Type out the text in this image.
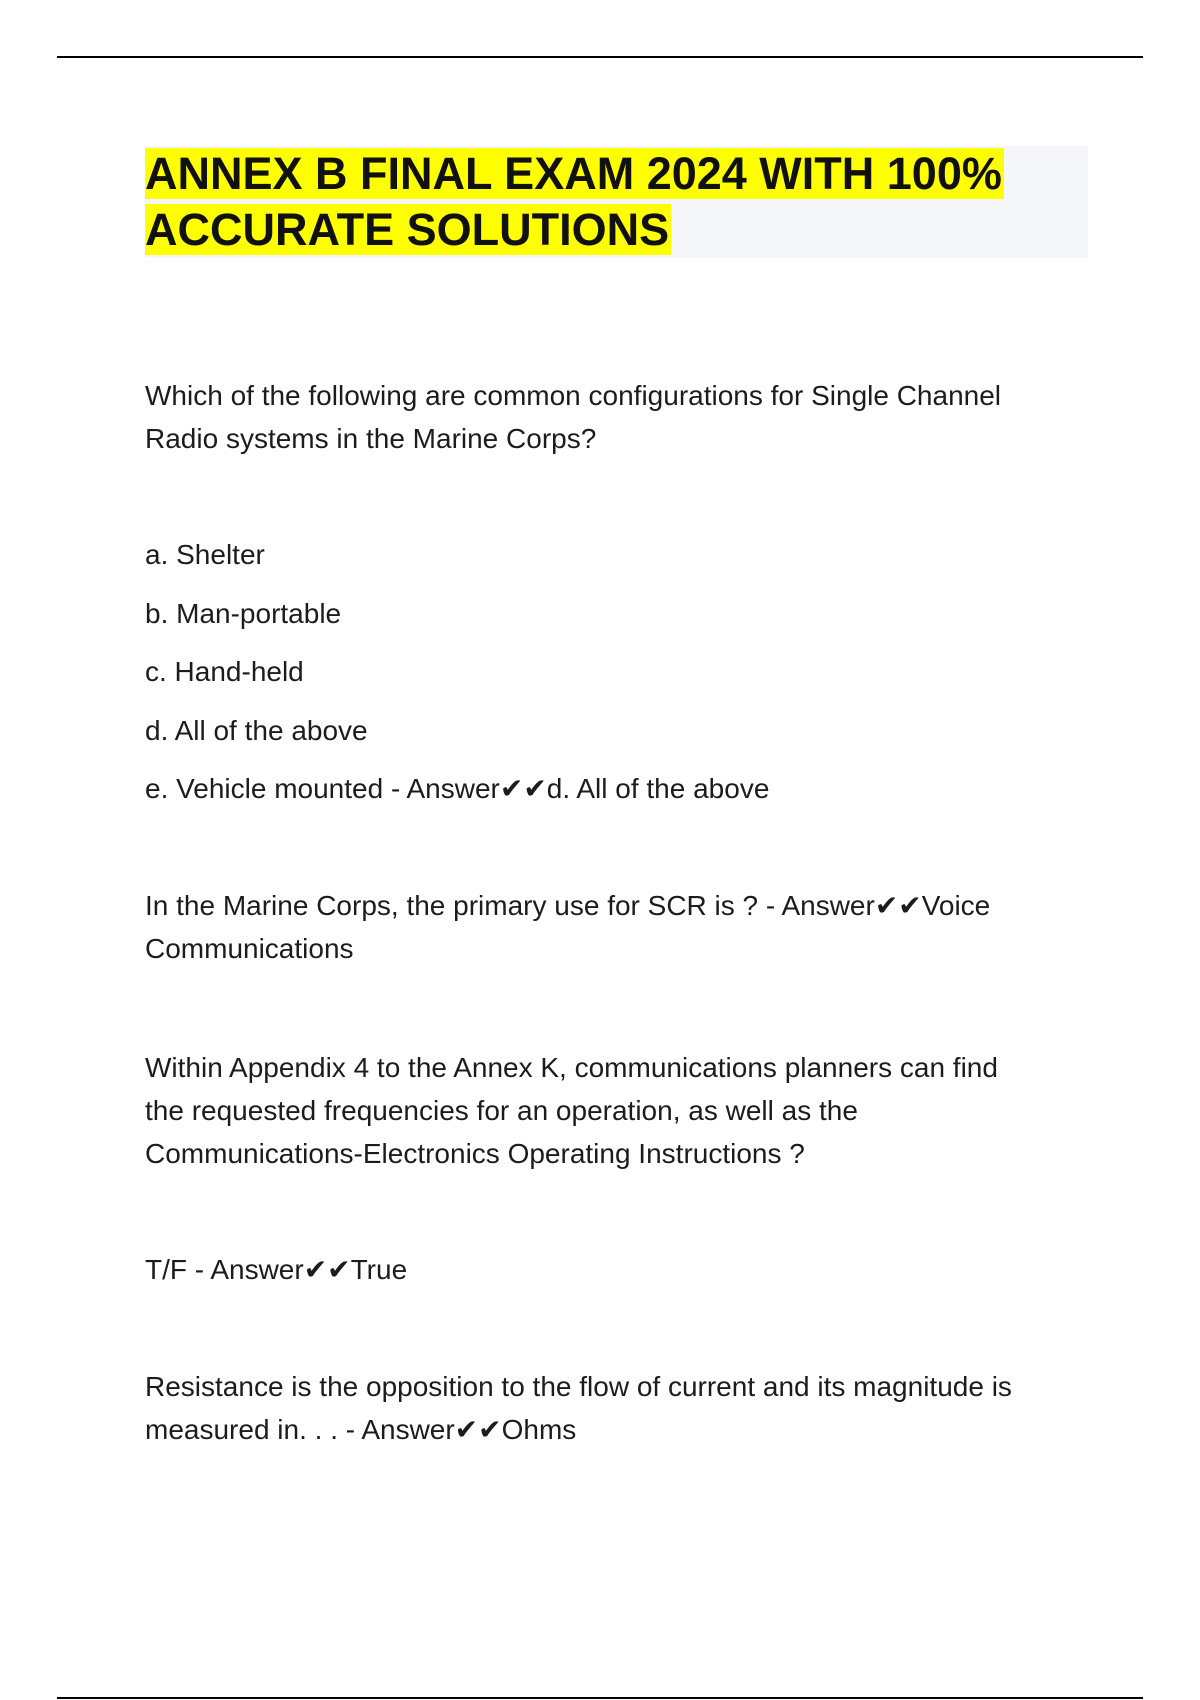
ANNEX B FINAL EXAM 2024 WITH 100%
ACCURATE SOLUTIONS

Which of the following are common configurations for Single Channel
Radio systems in the Marine Corps?

a. Shelter

b. Man-portable

c. Hand-held

d. All of the above

e. Vehicle mounted - Answer✔✔d. All of the above

In the Marine Corps, the primary use for SCR is ? - Answer✔✔Voice
Communications

Within Appendix 4 to the Annex K, communications planners can find
the requested frequencies for an operation, as well as the
Communications-Electronics Operating Instructions ?

T/F - Answer✔✔True

Resistance is the opposition to the flow of current and its magnitude is
measured in. . . - Answer✔✔Ohms
